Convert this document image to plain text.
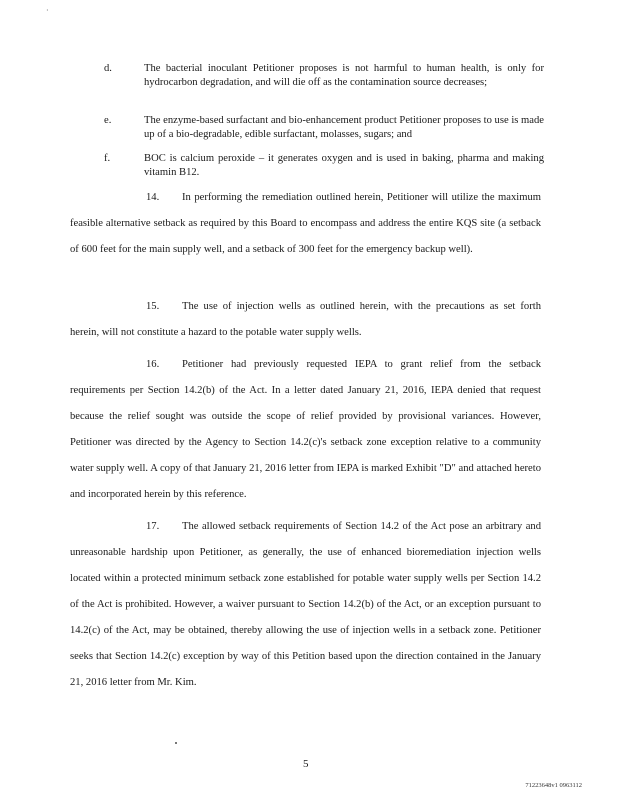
·
d.	The bacterial inoculant Petitioner proposes is not harmful to human health, is only for hydrocarbon degradation, and will die off as the contamination source decreases;
e.	The enzyme-based surfactant and bio-enhancement product Petitioner proposes to use is made up of a bio-degradable, edible surfactant, molasses, sugars; and
f.	BOC is calcium peroxide – it generates oxygen and is used in baking, pharma and making vitamin B12.
14. In performing the remediation outlined herein, Petitioner will utilize the maximum feasible alternative setback as required by this Board to encompass and address the entire KQS site (a setback of 600 feet for the main supply well, and a setback of 300 feet for the emergency backup well).
15. The use of injection wells as outlined herein, with the precautions as set forth herein, will not constitute a hazard to the potable water supply wells.
16. Petitioner had previously requested IEPA to grant relief from the setback requirements per Section 14.2(b) of the Act. In a letter dated January 21, 2016, IEPA denied that request because the relief sought was outside the scope of relief provided by provisional variances. However, Petitioner was directed by the Agency to Section 14.2(c)'s setback zone exception relative to a community water supply well. A copy of that January 21, 2016 letter from IEPA is marked Exhibit "D" and attached hereto and incorporated herein by this reference.
17. The allowed setback requirements of Section 14.2 of the Act pose an arbitrary and unreasonable hardship upon Petitioner, as generally, the use of enhanced bioremediation injection wells located within a protected minimum setback zone established for potable water supply wells per Section 14.2 of the Act is prohibited. However, a waiver pursuant to Section 14.2(b) of the Act, or an exception pursuant to 14.2(c) of the Act, may be obtained, thereby allowing the use of injection wells in a setback zone. Petitioner seeks that Section 14.2(c) exception by way of this Petition based upon the direction contained in the January 21, 2016 letter from Mr. Kim.
5
71223648v1 0963112
